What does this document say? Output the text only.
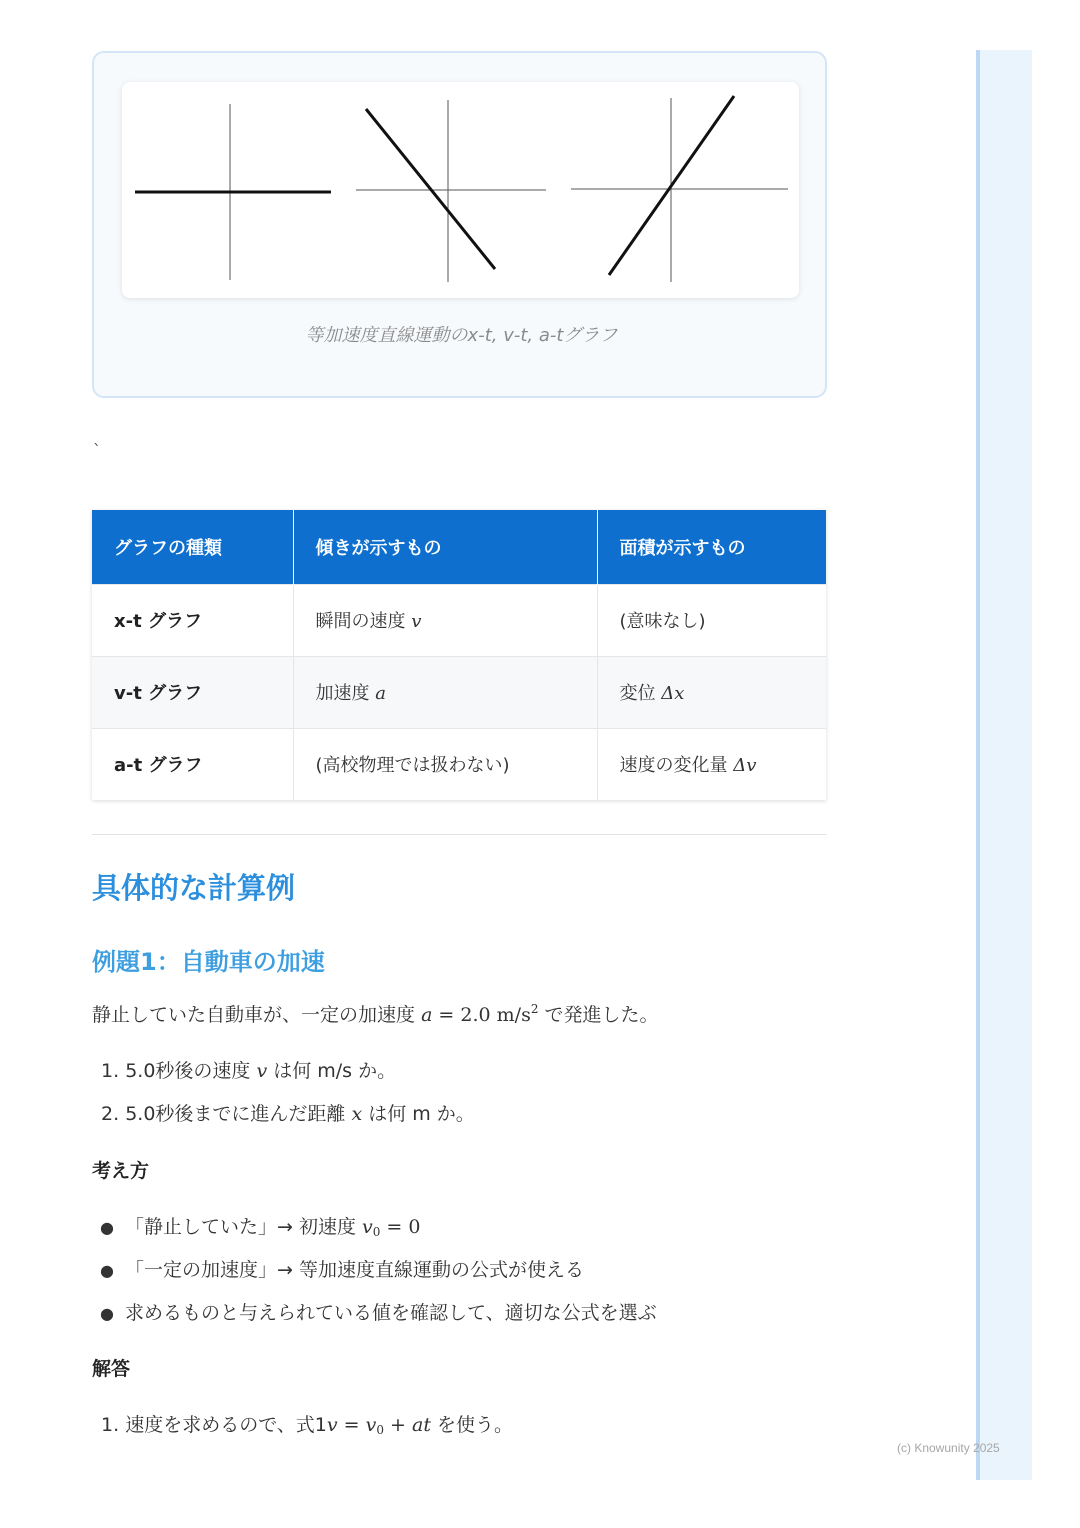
等加速度直線運動のx-t, v-t, a-tグラフ
`
グラフの種類	傾きが示すもの	面積が示すもの
x-t グラフ	瞬間の速度 v	(意味なし)
v-t グラフ	加速度 a	変位 Δx
a-t グラフ	(高校物理では扱わない)	速度の変化量 Δv
具体的な計算例
例題1：自動車の加速
静止していた自動車が、一定の加速度 a = 2.0 $m/s^2$ で発進した。
1. 5.0秒後の速度 v は何 m/s か。
2. 5.0秒後までに進んだ距離 x は何 m か。
考え方
● 「静止していた」→ 初速度 $v_0 = 0$
● 「一定の加速度」→ 等加速度直線運動の公式が使える
● 求めるものと与えられている値を確認して、適切な公式を選ぶ
解答
1. 速度を求めるので、式$1v = v_0$ + at を使う。
(c) Knowunity 2025
